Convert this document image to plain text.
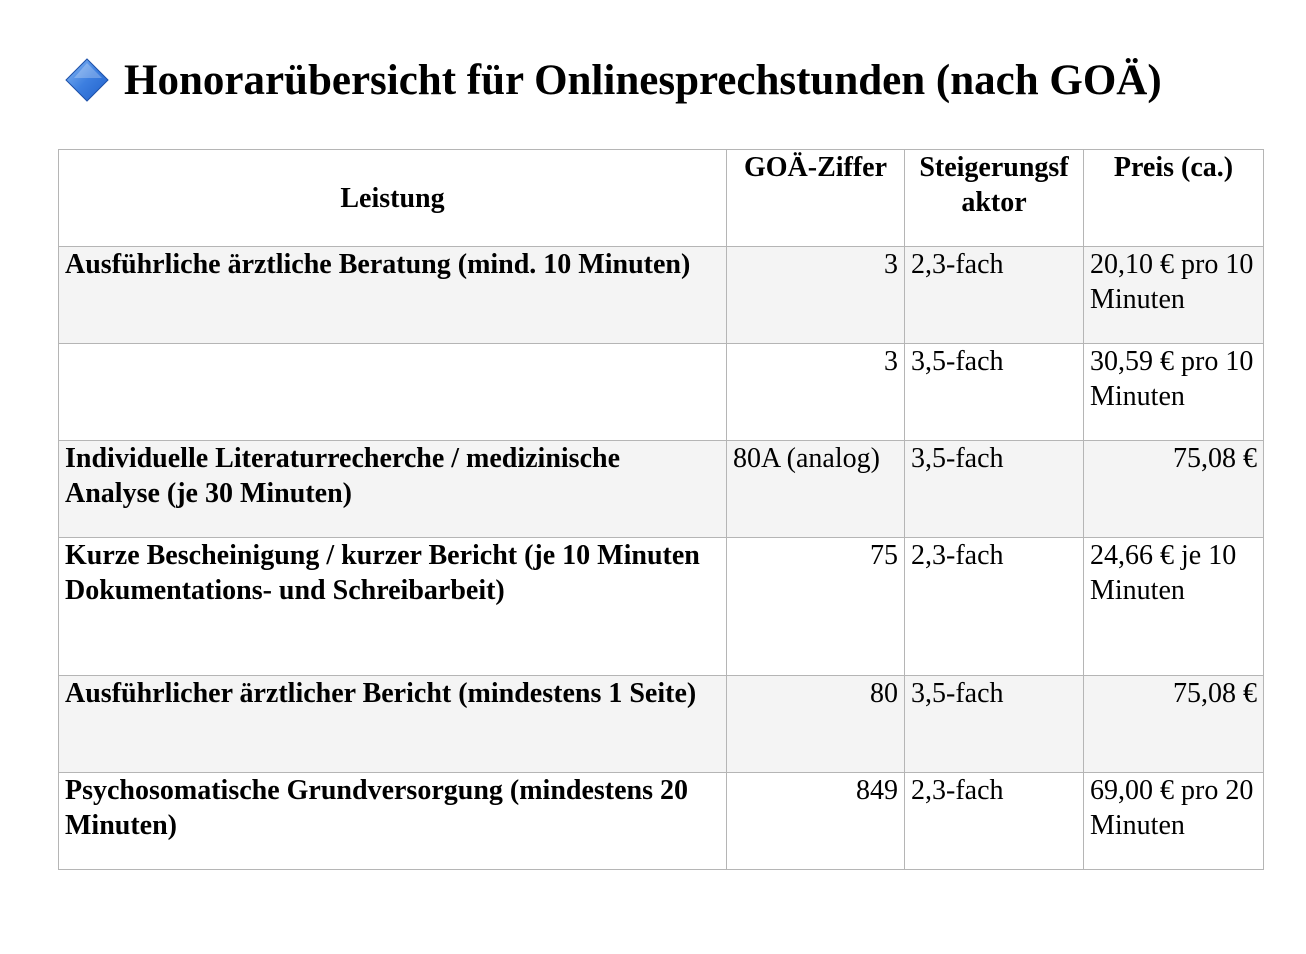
Honorarübersicht für Onlinesprechstunden (nach GOÄ)
Leistung	GOÄ-Ziffer	Steigerungsf aktor	Preis (ca.)
Ausführliche ärztliche Beratung (mind. 10 Minuten)	3	2,3-fach	20,10 € pro 10 Minuten
	3	3,5-fach	30,59 € pro 10 Minuten
Individuelle Literaturrecherche / medizinische Analyse (je 30 Minuten)	80A (analog)	3,5-fach	75,08 €
Kurze Bescheinigung / kurzer Bericht (je 10 Minuten Dokumentations- und Schreibarbeit)	75	2,3-fach	24,66 € je 10 Minuten
Ausführlicher ärztlicher Bericht (mindestens 1 Seite)	80	3,5-fach	75,08 €
Psychosomatische Grundversorgung (mindestens 20 Minuten)	849	2,3-fach	69,00 € pro 20 Minuten
